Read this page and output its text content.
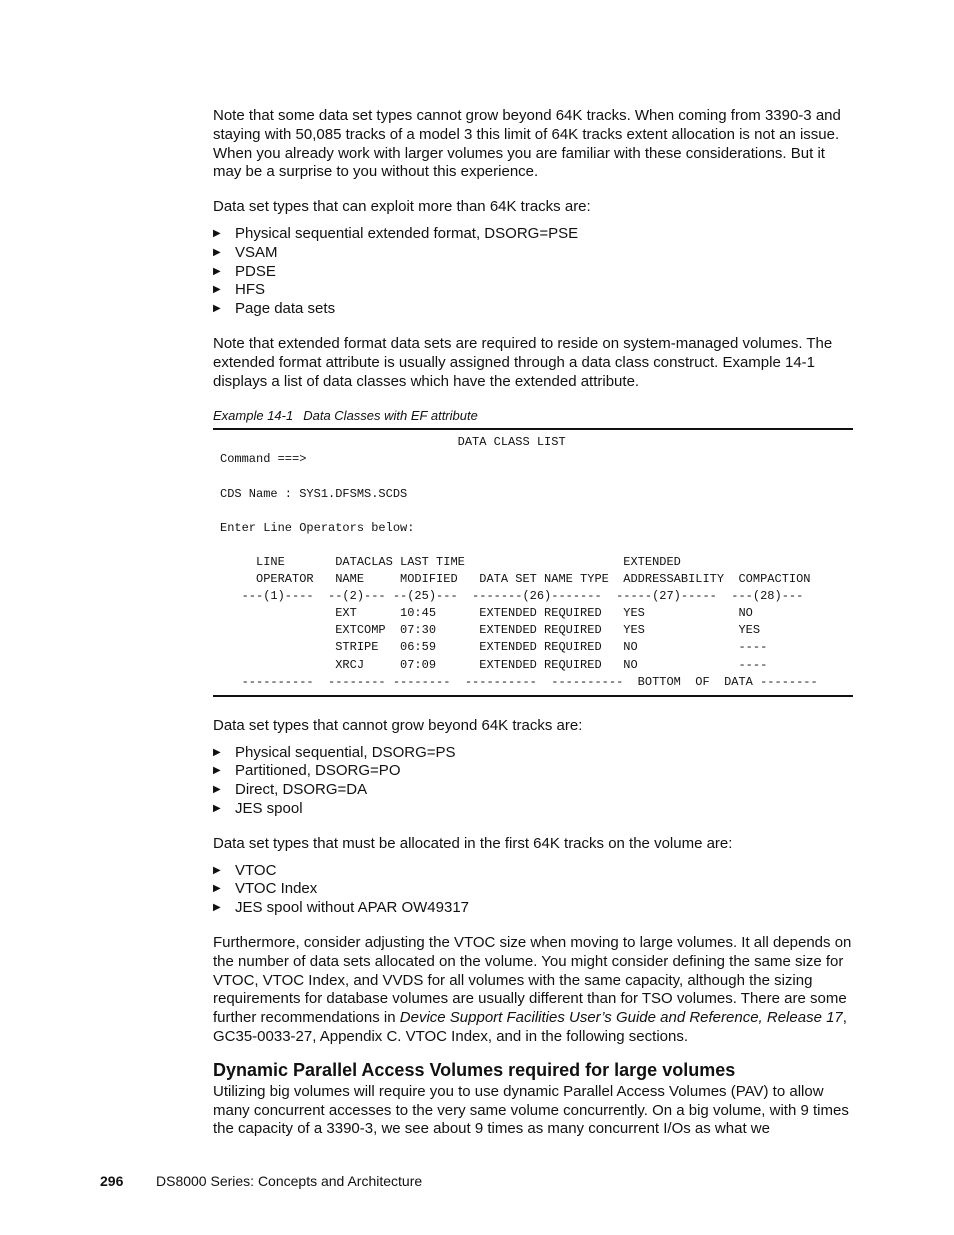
Note that some data set types cannot grow beyond 64K tracks. When coming from 3390-3 and staying with 50,085 tracks of a model 3 this limit of 64K tracks extent allocation is not an issue. When you already work with larger volumes you are familiar with these considerations. But it may be a surprise to you without this experience.

Data set types that can exploit more than 64K tracks are:

▶ Physical sequential extended format, DSORG=PSE
▶ VSAM
▶ PDSE
▶ HFS
▶ Page data sets

Note that extended format data sets are required to reside on system-managed volumes. The extended format attribute is usually assigned through a data class construct. Example 14-1 displays a list of data classes which have the extended attribute.

Example 14-1 Data Classes with EF attribute
DATA CLASS LIST
Command ===>

CDS Name : SYS1.DFSMS.SCDS

Enter Line Operators below:

LINE       DATACLAS LAST TIME                      EXTENDED
OPERATOR   NAME     MODIFIED   DATA SET NAME TYPE  ADDRESSABILITY  COMPACTION
---(1)----  --(2)--- --(25)---  -------(26)-------  -----(27)-----  ---(28)---
EXT      10:45      EXTENDED REQUIRED   YES             NO
EXTCOMP  07:30      EXTENDED REQUIRED   YES             YES
STRIPE   06:59      EXTENDED REQUIRED   NO              ----
XRCJ     07:09      EXTENDED REQUIRED   NO              ----
----------  -------- --------  ----------  ----------  BOTTOM  OF  DATA --------

Data set types that cannot grow beyond 64K tracks are:

▶ Physical sequential, DSORG=PS
▶ Partitioned, DSORG=PO
▶ Direct, DSORG=DA
▶ JES spool

Data set types that must be allocated in the first 64K tracks on the volume are:

▶ VTOC
▶ VTOC Index
▶ JES spool without APAR OW49317

Furthermore, consider adjusting the VTOC size when moving to large volumes. It all depends on the number of data sets allocated on the volume. You might consider defining the same size for VTOC, VTOC Index, and VVDS for all volumes with the same capacity, although the sizing requirements for database volumes are usually different than for TSO volumes. There are some further recommendations in Device Support Facilities User’s Guide and Reference, Release 17, GC35-0033-27, Appendix C. VTOC Index, and in the following sections.

Dynamic Parallel Access Volumes required for large volumes

Utilizing big volumes will require you to use dynamic Parallel Access Volumes (PAV) to allow many concurrent accesses to the very same volume concurrently. On a big volume, with 9 times the capacity of a 3390-3, we see about 9 times as many concurrent I/Os as what we

296 DS8000 Series: Concepts and Architecture
